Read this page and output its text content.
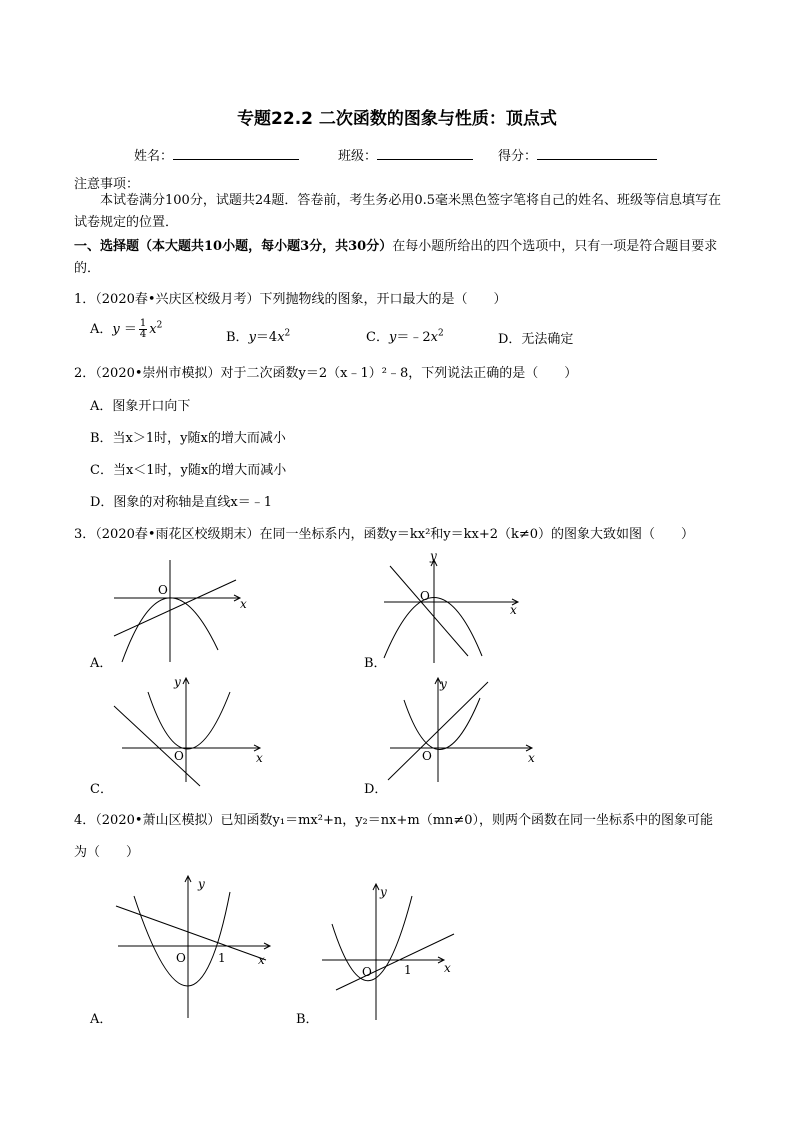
专题22.2 二次函数的图象与性质：顶点式
姓名：	班级：	得分：
注意事项：
本试卷满分100分，试题共24题．答卷前，考生务必用0.5毫米黑色签字笔将自己的姓名、班级等信息填写在试卷规定的位置．
一、选择题（本大题共10小题，每小题3分，共30分）在每小题所给出的四个选项中，只有一项是符合题目要求的．
1．（2020春•兴庆区校级月考）下列抛物线的图象，开口最大的是（　　）
A．$y = \frac{1}{4} x^2$
B．$y=4x^2$	C．$y=﹣2x^2$	D．无法确定
2．（2020•崇州市模拟）对于二次函数y＝2（x﹣1）²﹣8，下列说法正确的是（　　）
A．图象开口向下
B．当x＞1时，y随x的增大而减小
C．当x＜1时，y随x的增大而减小
D．图象的对称轴是直线x＝﹣1
3．（2020春•雨花区校级期末）在同一坐标系内，函数y＝kx²和y＝kx+2（k≠0）的图象大致如图（　　）
O
x
A．
y
O
x
B．
y
O	x
C．
y
O	x
D．
4．（2020•萧山区模拟）已知函数y₁＝mx²+n，y₂＝nx+m（mn≠0），则两个函数在同一坐标系中的图象可能为（　　）
y
O	1	x
A．
y
O	1	x
B．
